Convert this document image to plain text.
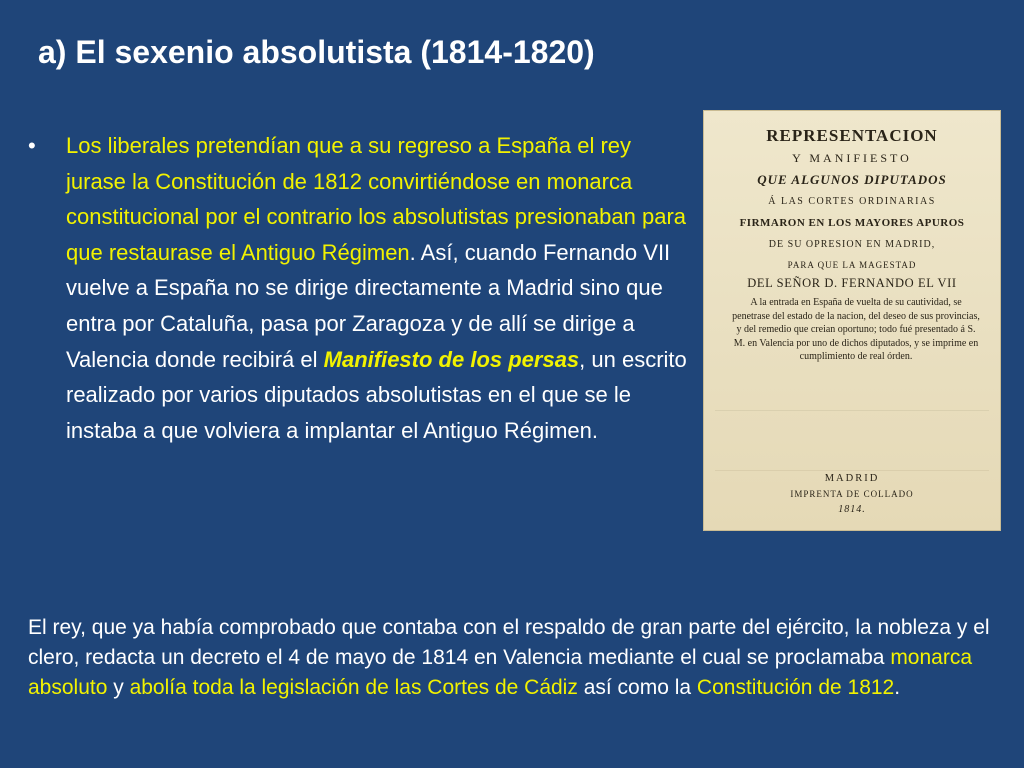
a) El sexenio absolutista (1814-1820)
• Los liberales pretendían que a su regreso a España el rey jurase la Constitución de 1812 convirtiéndose en monarca constitucional por el contrario los absolutistas presionaban para que restaurase el Antiguo Régimen. Así, cuando Fernando VII vuelve a España no se dirige directamente a Madrid sino que entra por Cataluña, pasa por Zaragoza y de allí se dirige a Valencia donde recibirá el Manifiesto de los persas, un escrito realizado por varios diputados absolutistas en el que se le instaba a que volviera a implantar el Antiguo Régimen.

El rey, que ya había comprobado que contaba con el respaldo de gran parte del ejército, la nobleza y el clero, redacta un decreto el 4 de mayo de 1814 en Valencia mediante el cual se proclamaba monarca absoluto y abolía toda la legislación de las Cortes de Cádiz así como la Constitución de 1812.

REPRESENTACION
Y MANIFIESTO
QUE ALGUNOS DIPUTADOS
Á LAS CORTES ORDINARIAS
FIRMARON EN LOS MAYORES APUROS
DE SU OPRESION EN MADRID,
PARA QUE LA MAGESTAD
DEL SEÑOR D. FERNANDO EL VII
A la entrada en España de vuelta de su cautividad, se penetrase del estado de la nacion, del deseo de sus provincias, y del remedio que creian oportuno; todo fué presentado á S. M. en Valencia por uno de dichos diputados, y se imprime en cumplimiento de real órden.
MADRID
IMPRENTA DE COLLADO
1814.
